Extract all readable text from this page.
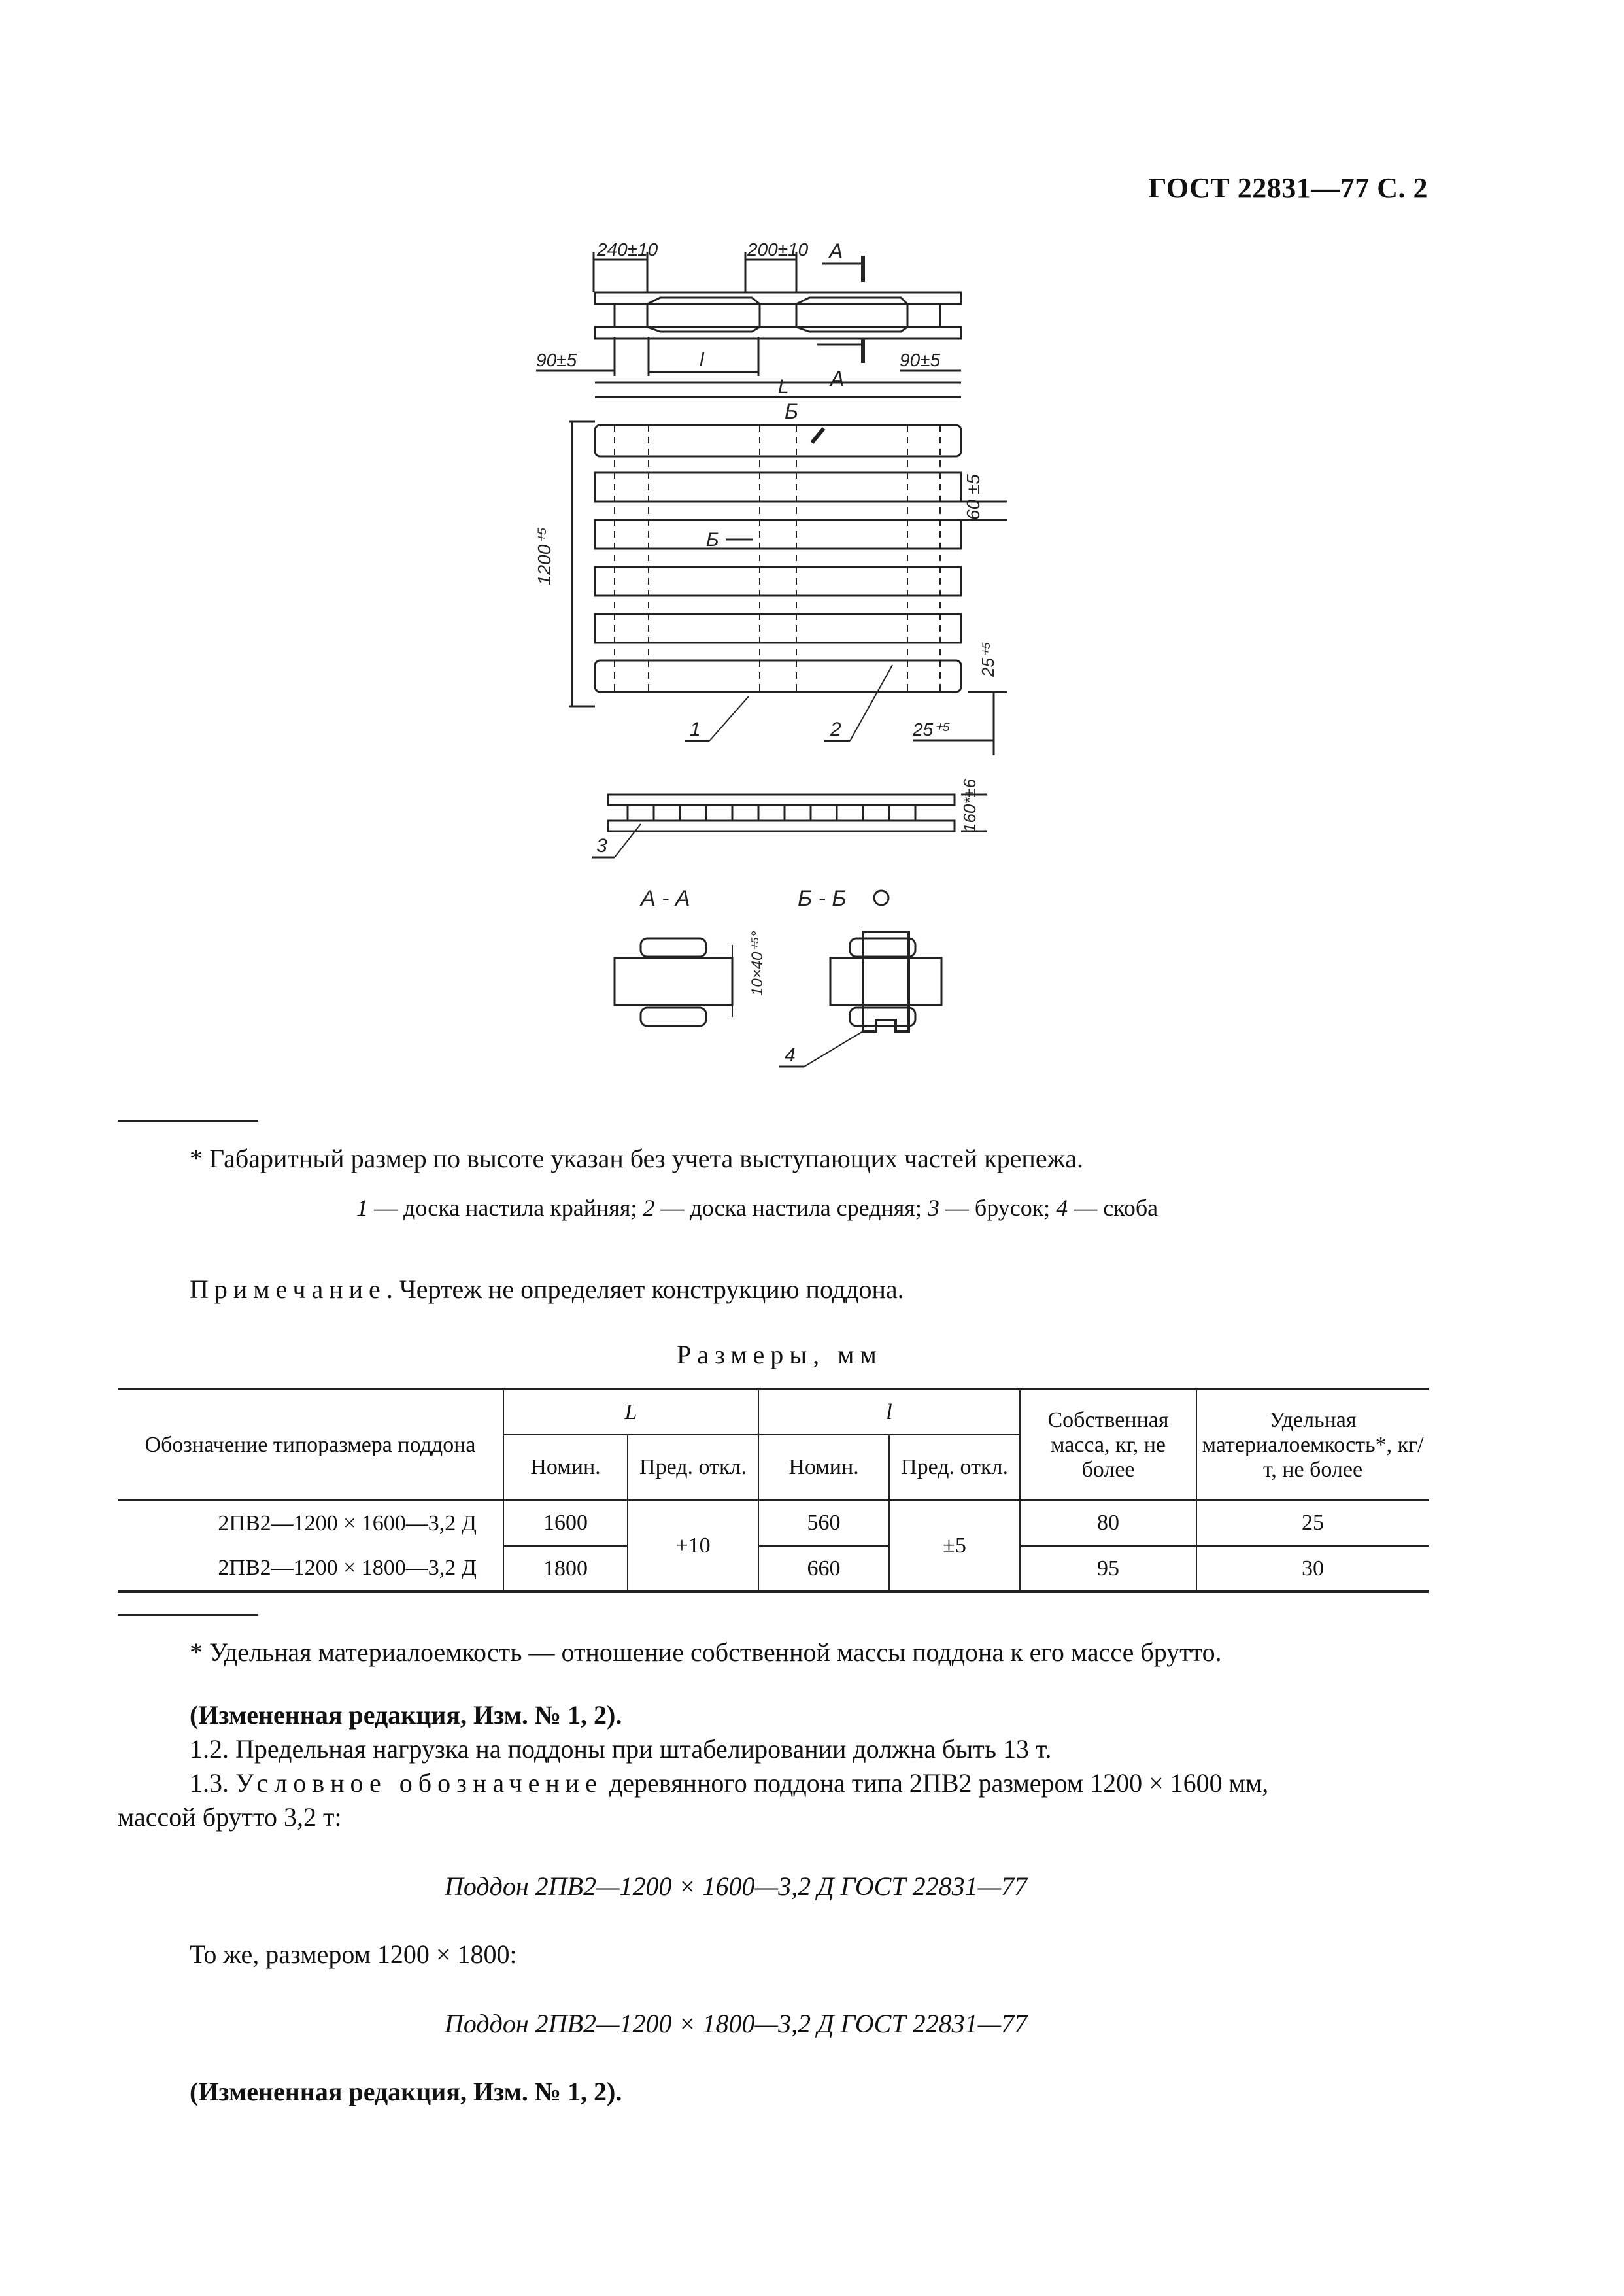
ГОСТ 22831—77 С. 2
240±10	200±10 A
90±5	l
A
90±5
L
Б
1200⁺⁵	Б
60 ±5
25⁺⁵
25⁺⁵
1	2
160*±6
3
А - А	Б - Б
10×40⁺⁵°
4
* Габаритный размер по высоте указан без учета выступающих частей крепежа.
1 — доска настила крайняя; 2 — доска настила средняя; 3 — брусок; 4 — скоба
Примечание. Чертеж не определяет конструкцию поддона.
Размеры, мм
Обозначение типоразмера поддона	L		l		Собственная масса, кг, не более	Удельная материалоемкость*, кг/т, не более
	Номин.	Пред. откл.	Номин.	Пред. откл.		
2ПВ2—1200 × 1600—3,2 Д	1600	+10	560	±5	80	25
2ПВ2—1200 × 1800—3,2 Д	1800		660		95	30
* Удельная материалоемкость — отношение собственной массы поддона к его массе брутто.
(Измененная редакция, Изм. № 1, 2).
1.2. Предельная нагрузка на поддоны при штабелировании должна быть 13 т.
1.3. Условное обозначение деревянного поддона типа 2ПВ2 размером 1200 × 1600 мм,
массой брутто 3,2 т:
Поддон 2ПВ2—1200 × 1600—3,2 Д ГОСТ 22831—77
То же, размером 1200 × 1800:
Поддон 2ПВ2—1200 × 1800—3,2 Д ГОСТ 22831—77
(Измененная редакция, Изм. № 1, 2).
